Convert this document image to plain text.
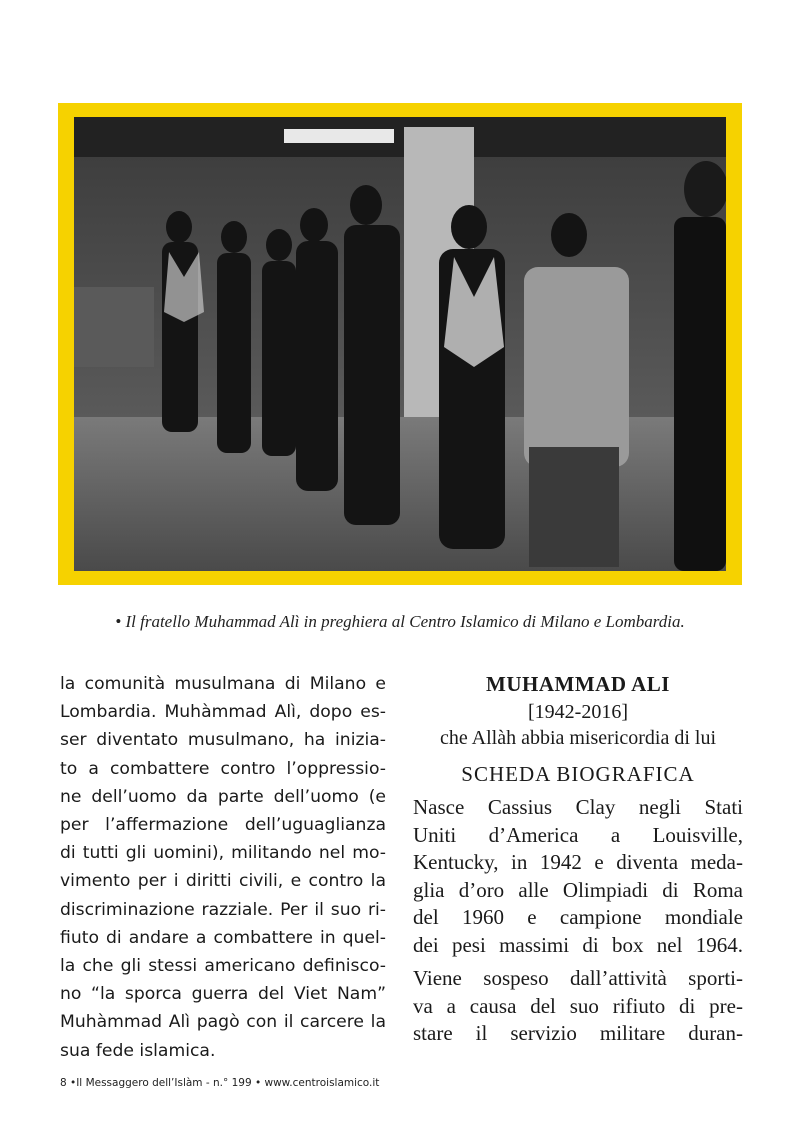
• Il fratello Muhammad Alì in preghiera al Centro Islamico di Milano e Lombardia.
la comunità musulmana di Milano e
Lombardia. Muhàmmad Alì, dopo es-
ser diventato musulmano, ha inizia-
to a combattere contro l’oppressio-
ne dell’uomo da parte dell’uomo (e
per l’affermazione dell’uguaglianza
di tutti gli uomini), militando nel mo-
vimento per i diritti civili, e contro la
discriminazione razziale. Per il suo ri-
fiuto di andare a combattere in quel-
la che gli stessi americano definisco-
no “la sporca guerra del Viet Nam”
Muhàmmad Alì pagò con il carcere la
sua fede islamica.
MUHAMMAD ALI
[1942-2016]
che Allàh abbia misericordia di lui
SCHEDA BIOGRAFICA
Nasce Cassius Clay negli Stati
Uniti d’America a Louisville,
Kentucky, in 1942 e diventa meda-
glia d’oro alle Olimpiadi di Roma
del 1960 e campione mondiale
dei pesi massimi di box nel 1964.
Viene sospeso dall’attività sporti-
va a causa del suo rifiuto di pre-
stare il servizio militare duran-
8 •Il Messaggero dell’Islàm - n.° 199 • www.centroislamico.it
